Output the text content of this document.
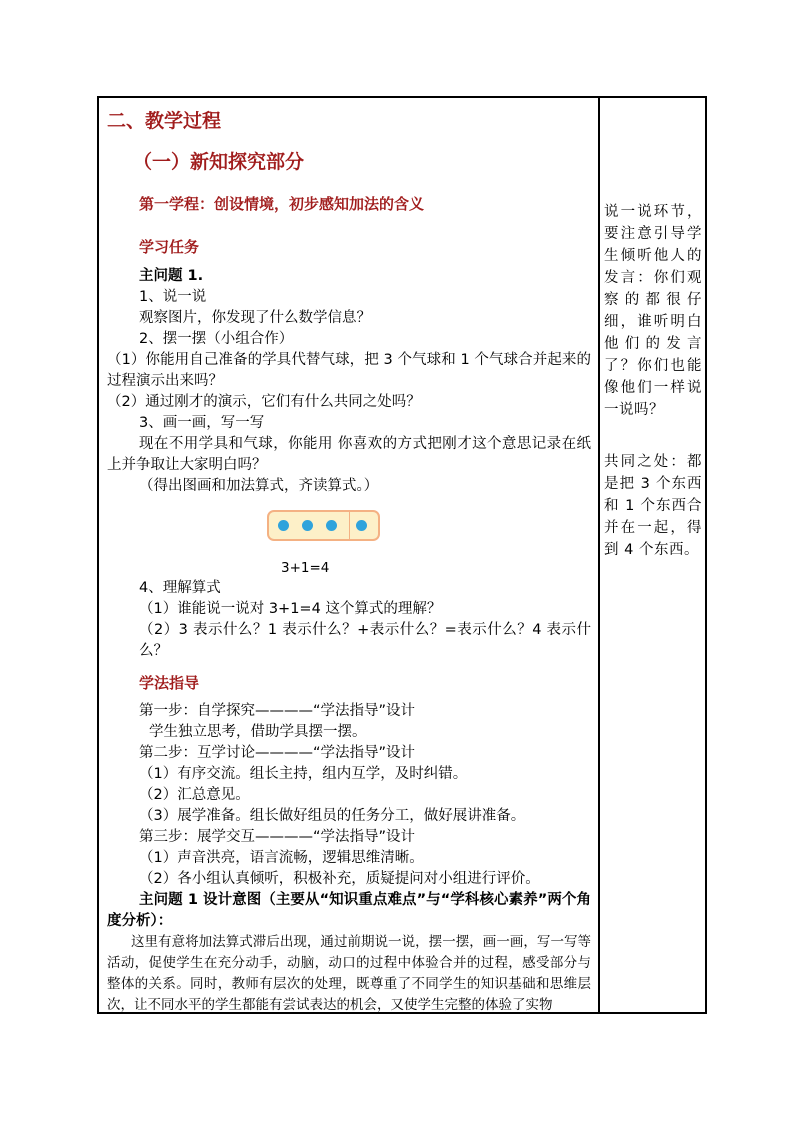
二、教学过程
（一）新知探究部分
第一学程：创设情境，初步感知加法的含义
学习任务
主问题 1.
1、说一说
观察图片，你发现了什么数学信息？
2、摆一摆（小组合作）
（1）你能用自己准备的学具代替气球，把 3 个气球和 1 个气球合并起来的过程演示出来吗？
（2）通过刚才的演示，它们有什么共同之处吗？
3、画一画，写一写
现在不用学具和气球，你能用 你喜欢的方式把刚才这个意思记录在纸上并争取让大家明白吗？
（得出图画和加法算式，齐读算式。）
3+1=4
4、理解算式
（1）谁能说一说对 3+1=4 这个算式的理解？
（2）3 表示什么？1 表示什么？+表示什么？=表示什么？4 表示什么？
学法指导
第一步：自学探究————“学法指导”设计
学生独立思考，借助学具摆一摆。
第二步：互学讨论————“学法指导”设计
（1）有序交流。组长主持，组内互学，及时纠错。
（2）汇总意见。
（3）展学准备。组长做好组员的任务分工，做好展讲准备。
第三步：展学交互————“学法指导”设计
（1）声音洪亮，语言流畅，逻辑思维清晰。
（2）各小组认真倾听，积极补充，质疑提问对小组进行评价。
主问题 1 设计意图（主要从“知识重点难点”与“学科核心素养”两个角度分析）：
这里有意将加法算式滞后出现，通过前期说一说，摆一摆，画一画，写一写等活动，促使学生在充分动手，动脑，动口的过程中体验合并的过程，感受部分与整体的关系。同时，教师有层次的处理，既尊重了不同学生的知识基础和思维层次，让不同水平的学生都能有尝试表达的机会，又使学生完整的体验了实物
说一说环节，要注意引导学生倾听他人的发言：你们观察的都很仔细，谁听明白他们的发言了？你们也能像他们一样说一说吗？
共同之处：都是把 3 个东西和 1 个东西合并在一起，得到 4 个东西。
